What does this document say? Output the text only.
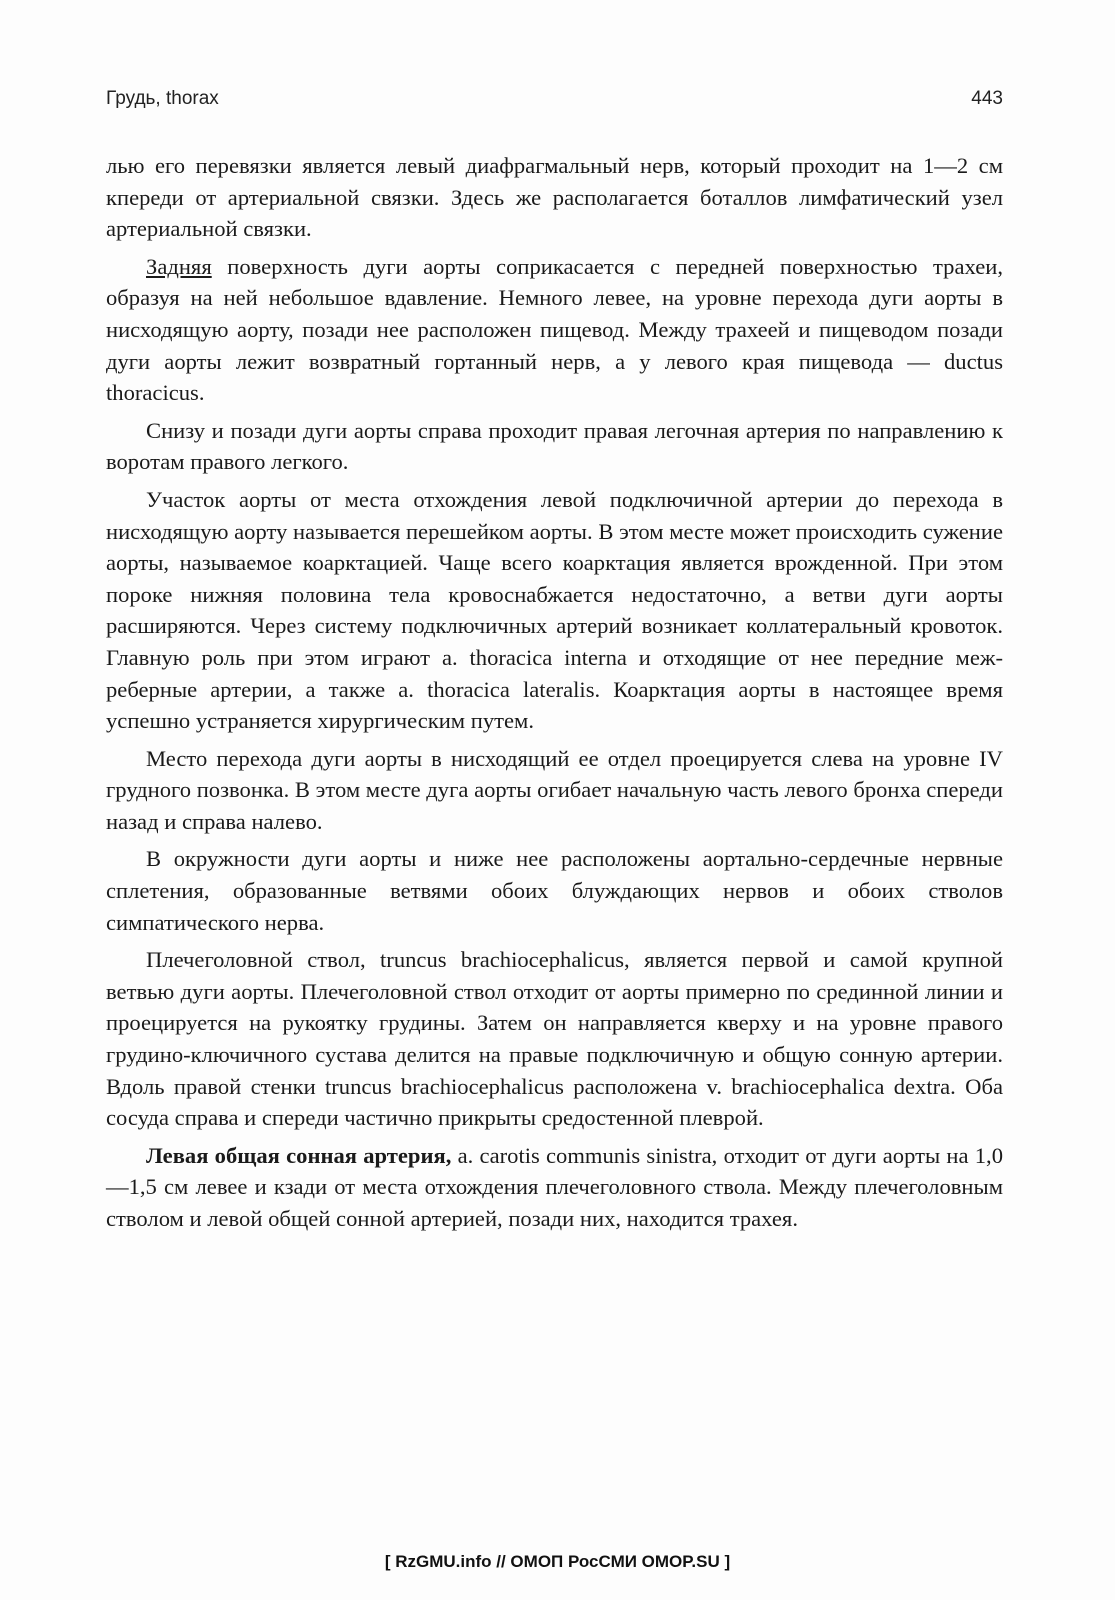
Грудь, thorax	443

лью его перевязки является левый диафрагмальный нерв, который проходит на 1—2 см кпереди от артериальной связки. Здесь же располагается боталлов лимфатический узел артериальной связки.

Задняя поверхность дуги аорты соприкасается с передней поверхностью трахеи, образуя на ней небольшое вдавление. Немного левее, на уровне перехода дуги аорты в нисходящую аорту, позади нее расположен пищевод. Между трахеей и пищеводом позади дуги аорты лежит возвратный гортанный нерв, а у левого края пищевода — ductus thoracicus.

Снизу и позади дуги аорты справа проходит правая легочная артерия по направлению к воротам правого легкого.

Участок аорты от места отхождения левой подключичной артерии до перехода в нисходящую аорту называется перешейком аорты. В этом месте может происходить сужение аорты, называемое коарктацией. Чаще всего коарктация является врожденной. При этом пороке нижняя половина тела кровоснабжается недостаточно, а ветви дуги аорты расширяются. Через систему подключичных артерий возникает коллатеральный кровоток. Главную роль при этом играют a. thoracica interna и отходящие от нее передние межреберные артерии, а также a. thoracica lateralis. Коарктация аорты в настоящее время успешно устраняется хирургическим путем.

Место перехода дуги аорты в нисходящий ее отдел проецируется слева на уровне IV грудного позвонка. В этом месте дуга аорты огибает начальную часть левого бронха спереди назад и справа налево.

В окружности дуги аорты и ниже нее расположены аортально-сердечные нервные сплетения, образованные ветвями обоих блуждающих нервов и обоих стволов симпатического нерва.

Плечеголовной ствол, truncus brachiocephalicus, является первой и самой крупной ветвью дуги аорты. Плечеголовной ствол отходит от аорты примерно по срединной линии и проецируется на рукоятку грудины. Затем он направляется кверху и на уровне правого грудино-ключичного сустава делится на правые подключичную и общую сонную артерии. Вдоль правой стенки truncus brachiocephalicus расположена v. brachiocephalica dextra. Оба сосуда справа и спереди частично прикрыты средостенной плеврой.

Левая общая сонная артерия, a. carotis communis sinistra, отходит от дуги аорты на 1,0—1,5 см левее и кзади от места отхождения плечеголовного ствола. Между плечеголовным стволом и левой общей сонной артерией, позади них, находится трахея.

[ RzGMU.info // ОМОП РосСМИ OMOP.SU ]
